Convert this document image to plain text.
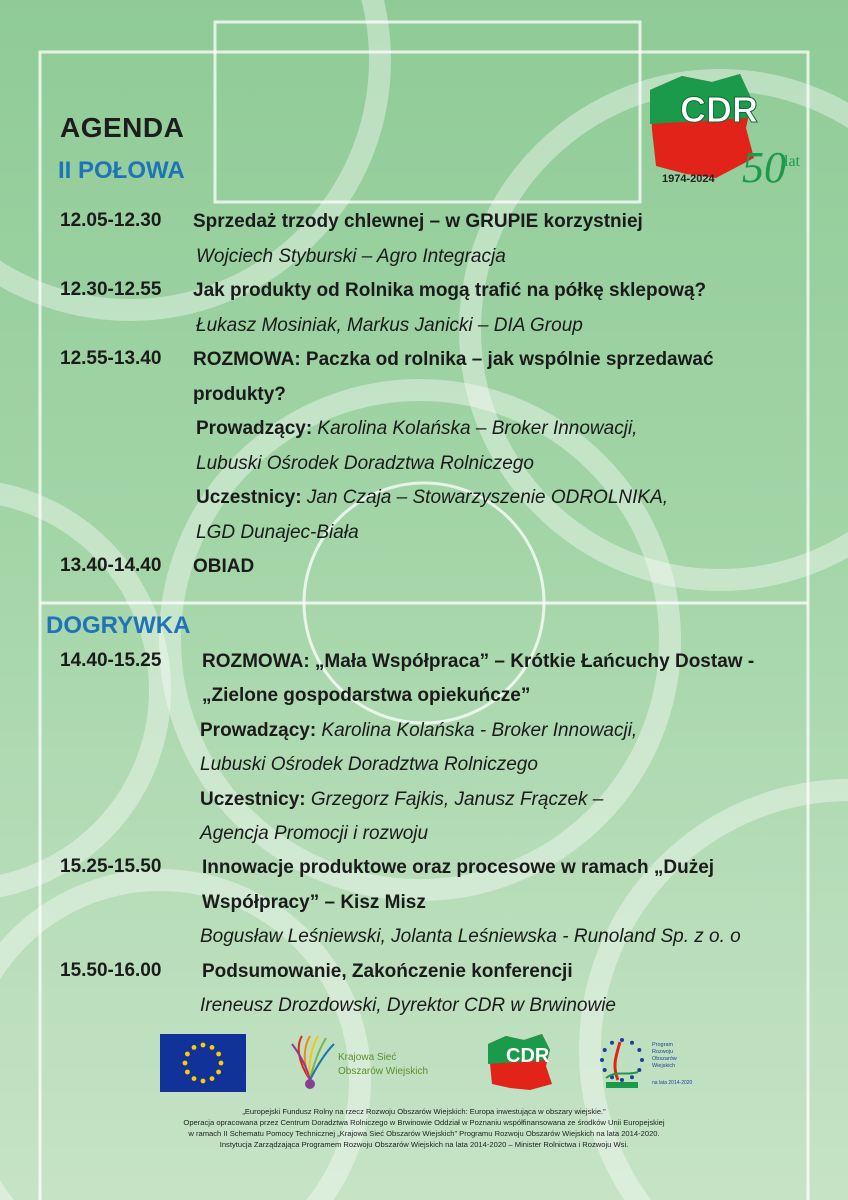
AGENDA
II POŁOWA
CDR
1974-2024 50
lat
12.05-12.30 Sprzedaż trzody chlewnej – w GRUPIE korzystniej
Wojciech Styburski – Agro Integracja
12.30-12.55 Jak produkty od Rolnika mogą trafić na półkę sklepową?
Łukasz Mosiniak, Markus Janicki – DIA Group
12.55-13.40 ROZMOWA: Paczka od rolnika – jak wspólnie sprzedawać
produkty?
Prowadzący: Karolina Kolańska – Broker Innowacji,
Lubuski Ośrodek Doradztwa Rolniczego
Uczestnicy: Jan Czaja – Stowarzyszenie ODROLNIKA,
LGD Dunajec-Biała
13.40-14.40 OBIAD
DOGRYWKA
14.40-15.25 ROZMOWA: „Mała Współpraca” – Krótkie Łańcuchy Dostaw -
„Zielone gospodarstwa opiekuńcze”
Prowadzący: Karolina Kolańska - Broker Innowacji,
Lubuski Ośrodek Doradztwa Rolniczego
Uczestnicy: Grzegorz Fajkis, Janusz Frączek –
Agencja Promocji i rozwoju
15.25-15.50 Innowacje produktowe oraz procesowe w ramach „Dużej
Współpracy” – Kisz Misz
Bogusław Leśniewski, Jolanta Leśniewska - Runoland Sp. z o. o
15.50-16.00 Podsumowanie, Zakończenie konferencji
Ireneusz Drozdowski, Dyrektor CDR w Brwinowie
Krajowa Sieć
Obszarów Wiejskich
CDR	Program
Rozwoju
Obszarów
Wiejskich
na lata 2014-2020
„Europejski Fundusz Rolny na rzecz Rozwoju Obszarów Wiejskich: Europa inwestująca w obszary wiejskie.”
Operacja opracowana przez Centrum Doradztwa Rolniczego w Brwinowie Oddział w Poznaniu współfinansowana ze środków Unii Europejskiej
w ramach II Schematu Pomocy Technicznej „Krajowa Sieć Obszarów Wiejskich” Programu Rozwoju Obszarów Wiejskich na lata 2014-2020.
Instytucja Zarządzająca Programem Rozwoju Obszarów Wiejskich na lata 2014-2020 – Minister Rolnictwa i Rozwoju Wsi.
